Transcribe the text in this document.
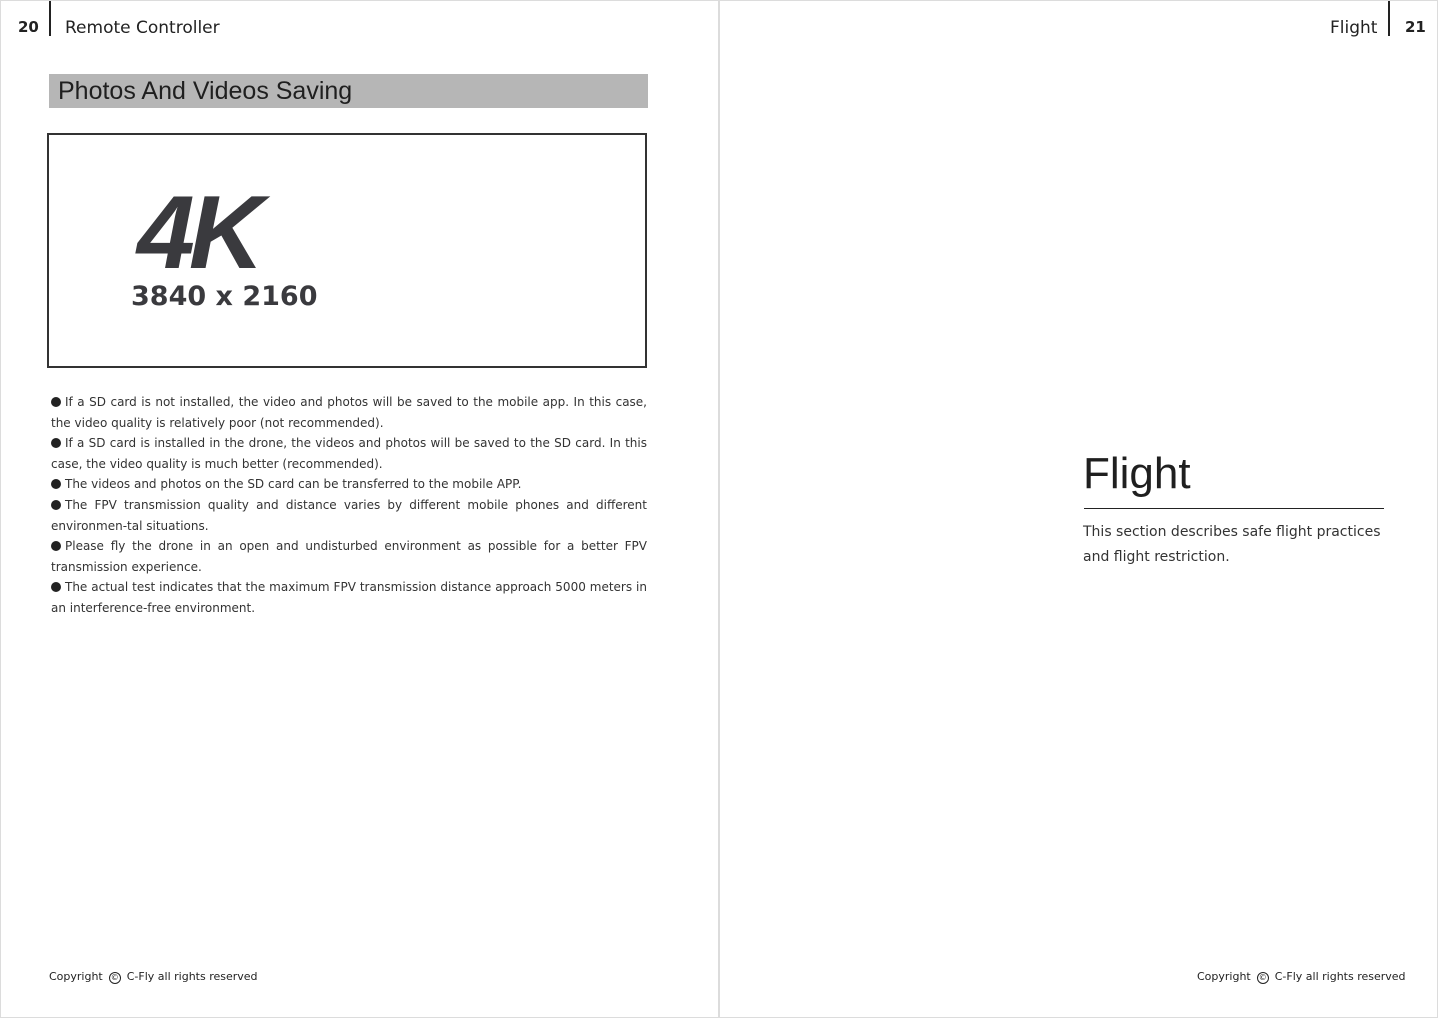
20 Remote Controller
Photos And Videos Saving
4K
3840 x 2160
If a SD card is not installed, the video and photos will be saved to the mobile app. In this case, the video quality is relatively poor (not recommended).
If a SD card is installed in the drone, the videos and photos will be saved to the SD card. In this case, the video quality is much better (recommended).
The videos and photos on the SD card can be transferred to the mobile APP.
The FPV transmission quality and distance varies by different mobile phones and different environmen-tal situations.
Please fly the drone in an open and undisturbed environment as possible for a better FPV transmission experience.
The actual test indicates that the maximum FPV transmission distance approach 5000 meters in an interference-free environment.
Copyright © C-Fly all rights reserved
Flight 21
Flight
This section describes safe flight practices and flight restriction.
Copyright © C-Fly all rights reserved
